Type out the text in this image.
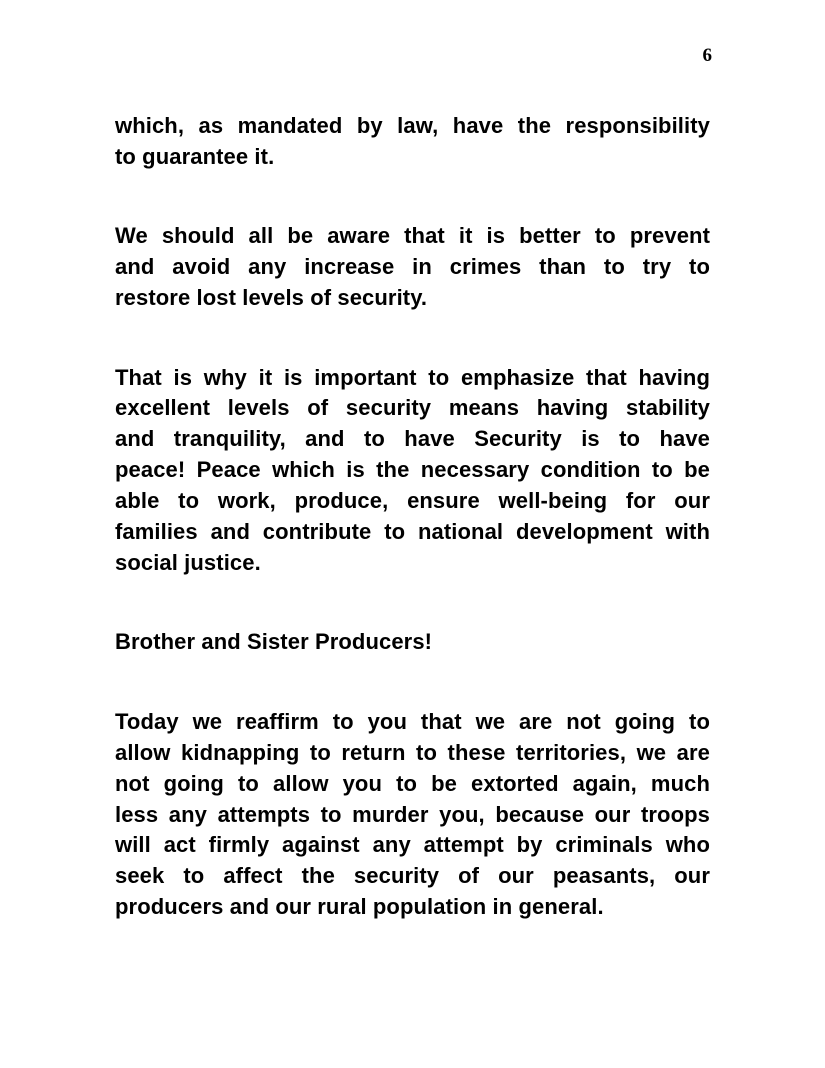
6

which, as mandated by law, have the responsibility
to guarantee it.

We should all be aware that it is better to prevent
and avoid any increase in crimes than to try to
restore lost levels of security.

That is why it is important to emphasize that having
excellent levels of security means having stability
and tranquility, and to have Security is to have
peace! Peace which is the necessary condition to be
able to work, produce, ensure well-being for our
families and contribute to national development with
social justice.

Brother and Sister Producers!

Today we reaffirm to you that we are not going to
allow kidnapping to return to these territories, we are
not going to allow you to be extorted again, much
less any attempts to murder you, because our troops
will act firmly against any attempt by criminals who
seek to affect the security of our peasants, our
producers and our rural population in general.
